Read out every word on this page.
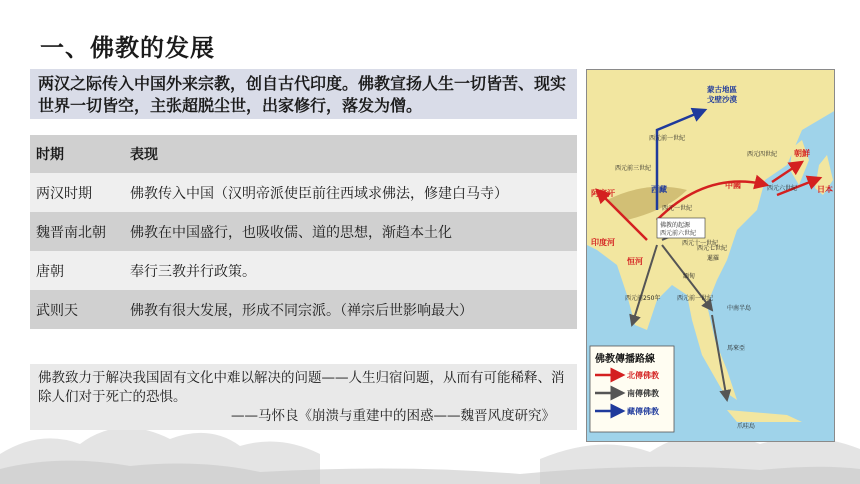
一、佛教的发展
两汉之际传入中国外来宗教，创自古代印度。佛教宣扬人生一切皆苦、现实世界一切皆空，主张超脱尘世，出家修行，落发为僧。
时期	表现
两汉时期	佛教传入中国（汉明帝派使臣前往西域求佛法，修建白马寺）
魏晋南北朝	佛教在中国盛行，也吸收儒、道的思想，渐趋本土化
唐朝	奉行三教并行政策。
武则天	佛教有很大发展，形成不同宗派。（禅宗后世影响最大）
佛教致力于解决我国固有文化中难以解决的问题——人生归宿问题，从而有可能稀释、消除人们对于死亡的恐惧。
——马怀良《崩溃与重建中的困惑——魏晋风度研究》
蒙古地區
戈壁沙漠
中國
朝鮮
日本
西藏
恒河
阿富汗
印度河
佛教的起源西元前六世紀
緬甸
暹羅
中南半島
馬來亞
爪哇島
西元前一世紀
西元前三世紀
西元一世紀
西元四世紀
西元六世紀
西元七世紀
西元前250年	西元前一世紀
西元十一世紀
佛教傳播路線
北傳佛教
南傳佛教
藏傳佛教
